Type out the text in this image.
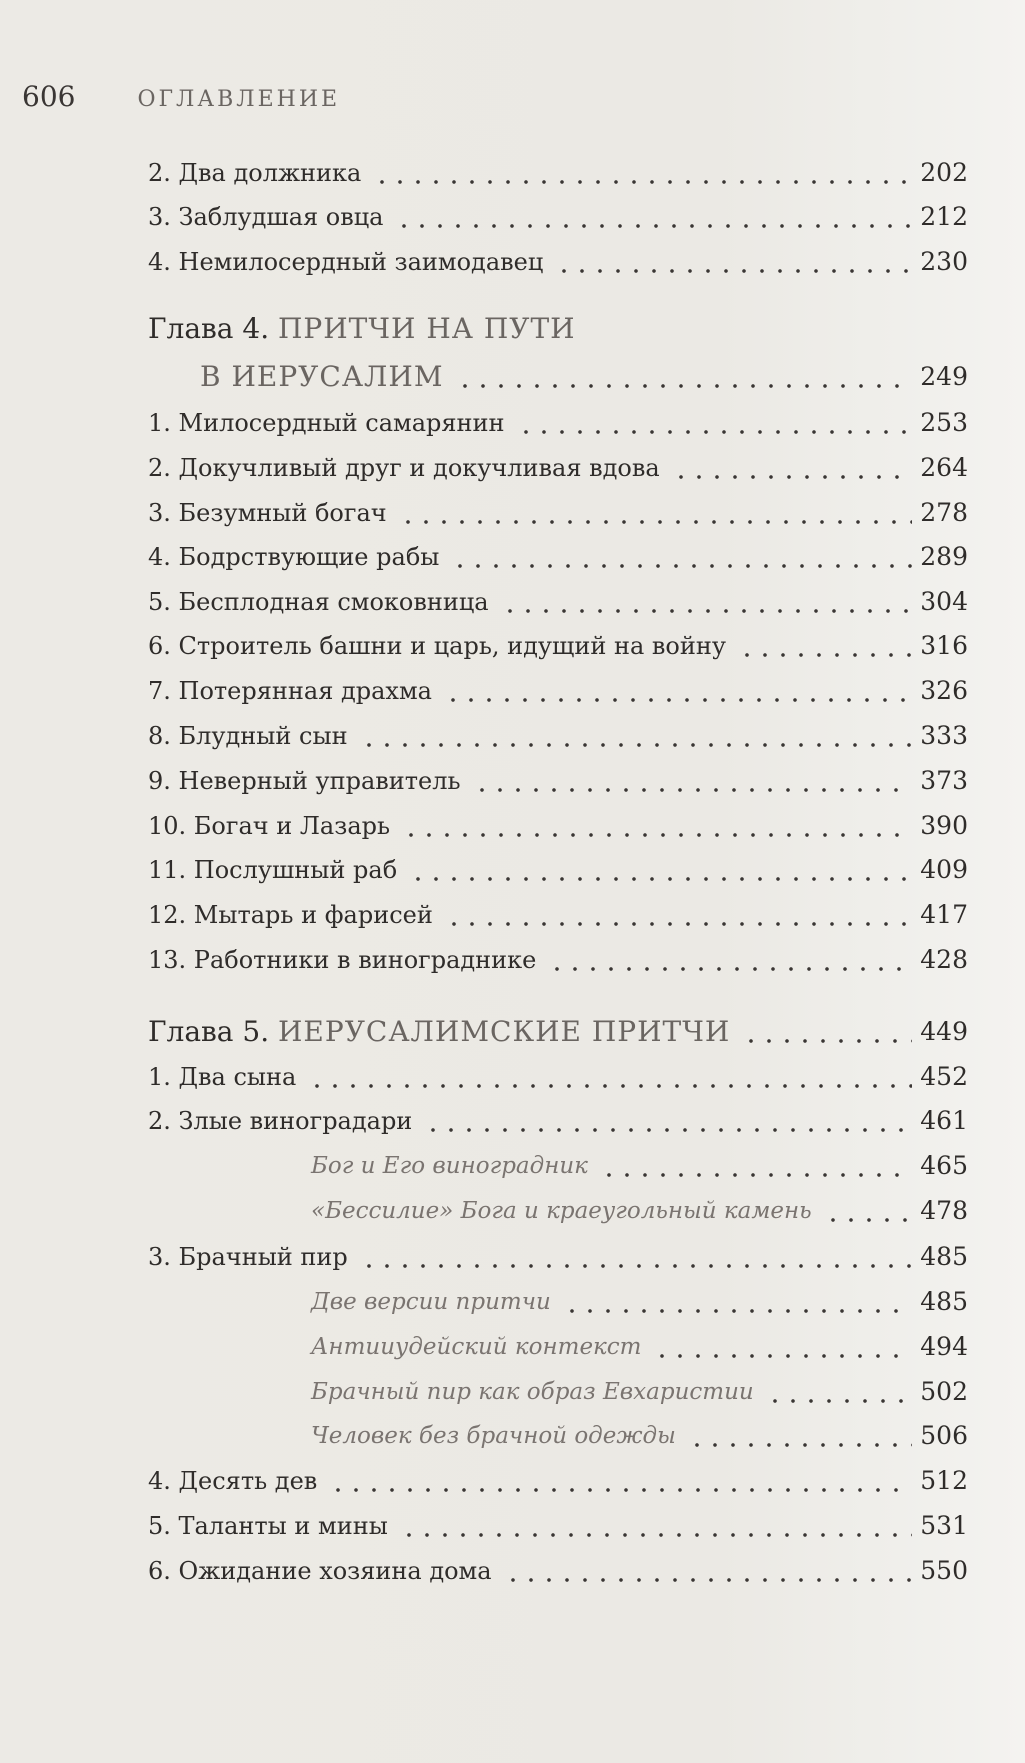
606	ОГЛАВЛЕНИЕ
2. Два должника	202
3. Заблудшая овца	212
4. Немилосердный заимодавец	230
Глава 4. ПРИТЧИ НА ПУТИ
В ИЕРУСАЛИМ	249
1. Милосердный самарянин	253
2. Докучливый друг и докучливая вдова	264
3. Безумный богач	278
4. Бодрствующие рабы	289
5. Бесплодная смоковница	304
6. Строитель башни и царь, идущий на войну	316
7. Потерянная драхма	326
8. Блудный сын	333
9. Неверный управитель	373
10. Богач и Лазарь	390
11. Послушный раб	409
12. Мытарь и фарисей	417
13. Работники в винограднике	428
Глава 5. ИЕРУСАЛИМСКИЕ ПРИТЧИ	449
1. Два сына	452
2. Злые виноградари	461
Бог и Его виноградник	465
«Бессилие» Бога и краеугольный камень	478
3. Брачный пир	485
Две версии притчи	485
Антииудейский контекст	494
Брачный пир как образ Евхаристии	502
Человек без брачной одежды	506
4. Десять дев	512
5. Таланты и мины	531
6. Ожидание хозяина дома	550
